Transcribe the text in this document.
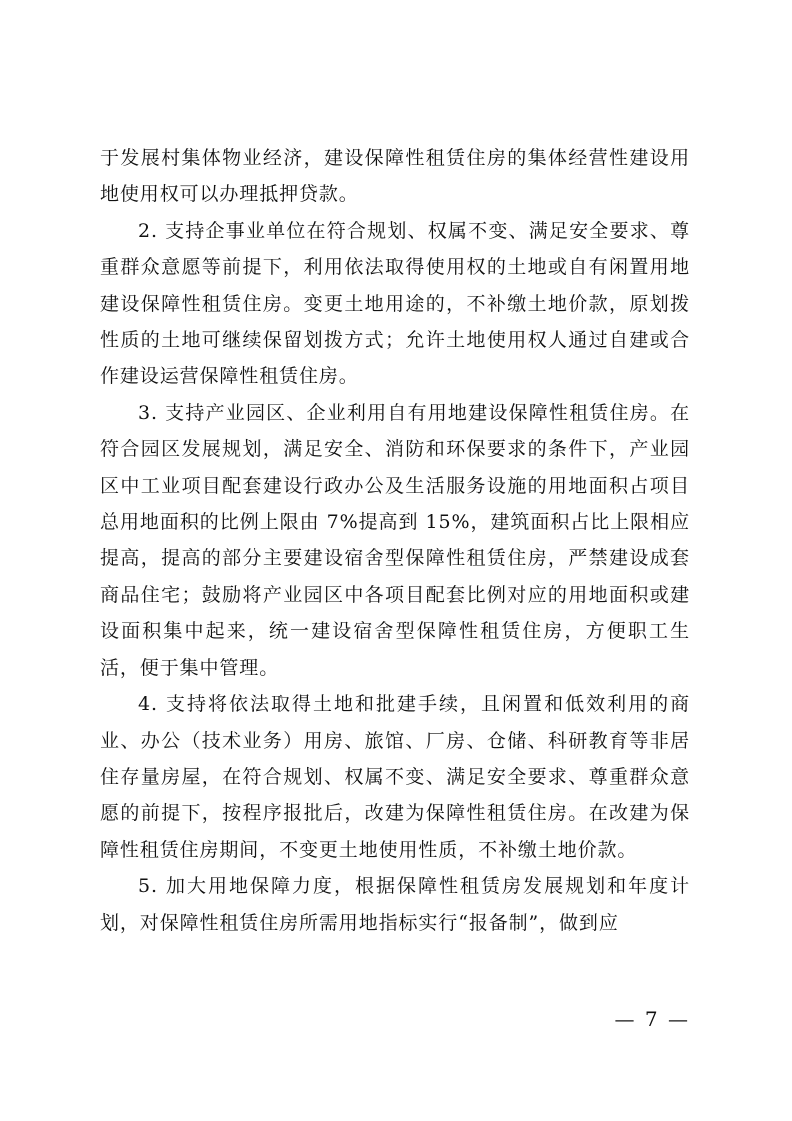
于发展村集体物业经济，建设保障性租赁住房的集体经营性建设用地使用权可以办理抵押贷款。

2. 支持企事业单位在符合规划、权属不变、满足安全要求、尊重群众意愿等前提下，利用依法取得使用权的土地或自有闲置用地建设保障性租赁住房。变更土地用途的，不补缴土地价款，原划拨性质的土地可继续保留划拨方式；允许土地使用权人通过自建或合作建设运营保障性租赁住房。

3. 支持产业园区、企业利用自有用地建设保障性租赁住房。在符合园区发展规划，满足安全、消防和环保要求的条件下，产业园区中工业项目配套建设行政办公及生活服务设施的用地面积占项目总用地面积的比例上限由 7%提高到 15%，建筑面积占比上限相应提高，提高的部分主要建设宿舍型保障性租赁住房，严禁建设成套商品住宅；鼓励将产业园区中各项目配套比例对应的用地面积或建设面积集中起来，统一建设宿舍型保障性租赁住房，方便职工生活，便于集中管理。

4. 支持将依法取得土地和批建手续，且闲置和低效利用的商业、办公（技术业务）用房、旅馆、厂房、仓储、科研教育等非居住存量房屋，在符合规划、权属不变、满足安全要求、尊重群众意愿的前提下，按程序报批后，改建为保障性租赁住房。在改建为保障性租赁住房期间，不变更土地使用性质，不补缴土地价款。

5. 加大用地保障力度，根据保障性租赁房发展规划和年度计划，对保障性租赁住房所需用地指标实行“报备制”，做到应

— 7 —
